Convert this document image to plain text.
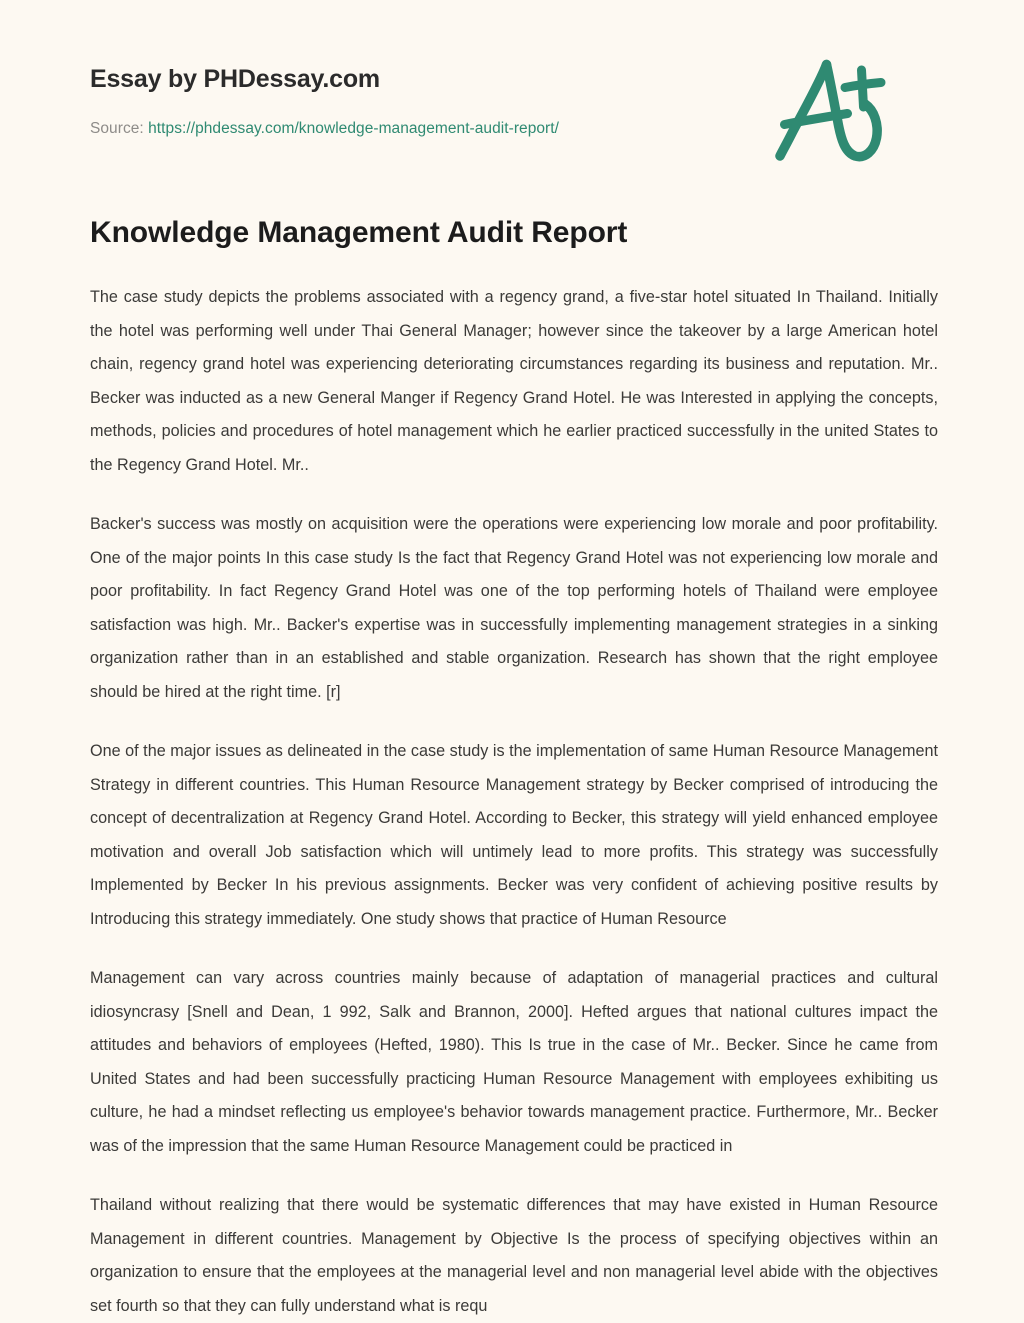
Essay by PHDessay.com
Source: https://phdessay.com/knowledge-management-audit-report/
Knowledge Management Audit Report

The case study depicts the problems associated with a regency grand, a five-star hotel situated In Thailand. Initially the hotel was performing well under Thai General Manager; however since the takeover by a large American hotel chain, regency grand hotel was experiencing deteriorating circumstances regarding its business and reputation. Mr.. Becker was inducted as a new General Manger if Regency Grand Hotel. He was Interested in applying the concepts, methods, policies and procedures of hotel management which he earlier practiced successfully in the united States to the Regency Grand Hotel. Mr..

Backer's success was mostly on acquisition were the operations were experiencing low morale and poor profitability. One of the major points In this case study Is the fact that Regency Grand Hotel was not experiencing low morale and poor profitability. In fact Regency Grand Hotel was one of the top performing hotels of Thailand were employee satisfaction was high. Mr.. Backer's expertise was in successfully implementing management strategies in a sinking organization rather than in an established and stable organization. Research has shown that the right employee should be hired at the right time. [r]

One of the major issues as delineated in the case study is the implementation of same Human Resource Management Strategy in different countries. This Human Resource Management strategy by Becker comprised of introducing the concept of decentralization at Regency Grand Hotel. According to Becker, this strategy will yield enhanced employee motivation and overall Job satisfaction which will untimely lead to more profits. This strategy was successfully Implemented by Becker In his previous assignments. Becker was very confident of achieving positive results by Introducing this strategy immediately. One study shows that practice of Human Resource

Management can vary across countries mainly because of adaptation of managerial practices and cultural idiosyncrasy [Snell and Dean, 1 992, Salk and Brannon, 2000]. Hefted argues that national cultures impact the attitudes and behaviors of employees (Hefted, 1980). This Is true in the case of Mr.. Becker. Since he came from United States and had been successfully practicing Human Resource Management with employees exhibiting us culture, he had a mindset reflecting us employee's behavior towards management practice. Furthermore, Mr.. Becker was of the impression that the same Human Resource Management could be practiced in

Thailand without realizing that there would be systematic differences that may have existed in Human Resource Management in different countries. Management by Objective Is the process of specifying objectives within an organization to ensure that the employees at the managerial level and non managerial level abide with the objectives set fourth so that they can fully understand what is requ
